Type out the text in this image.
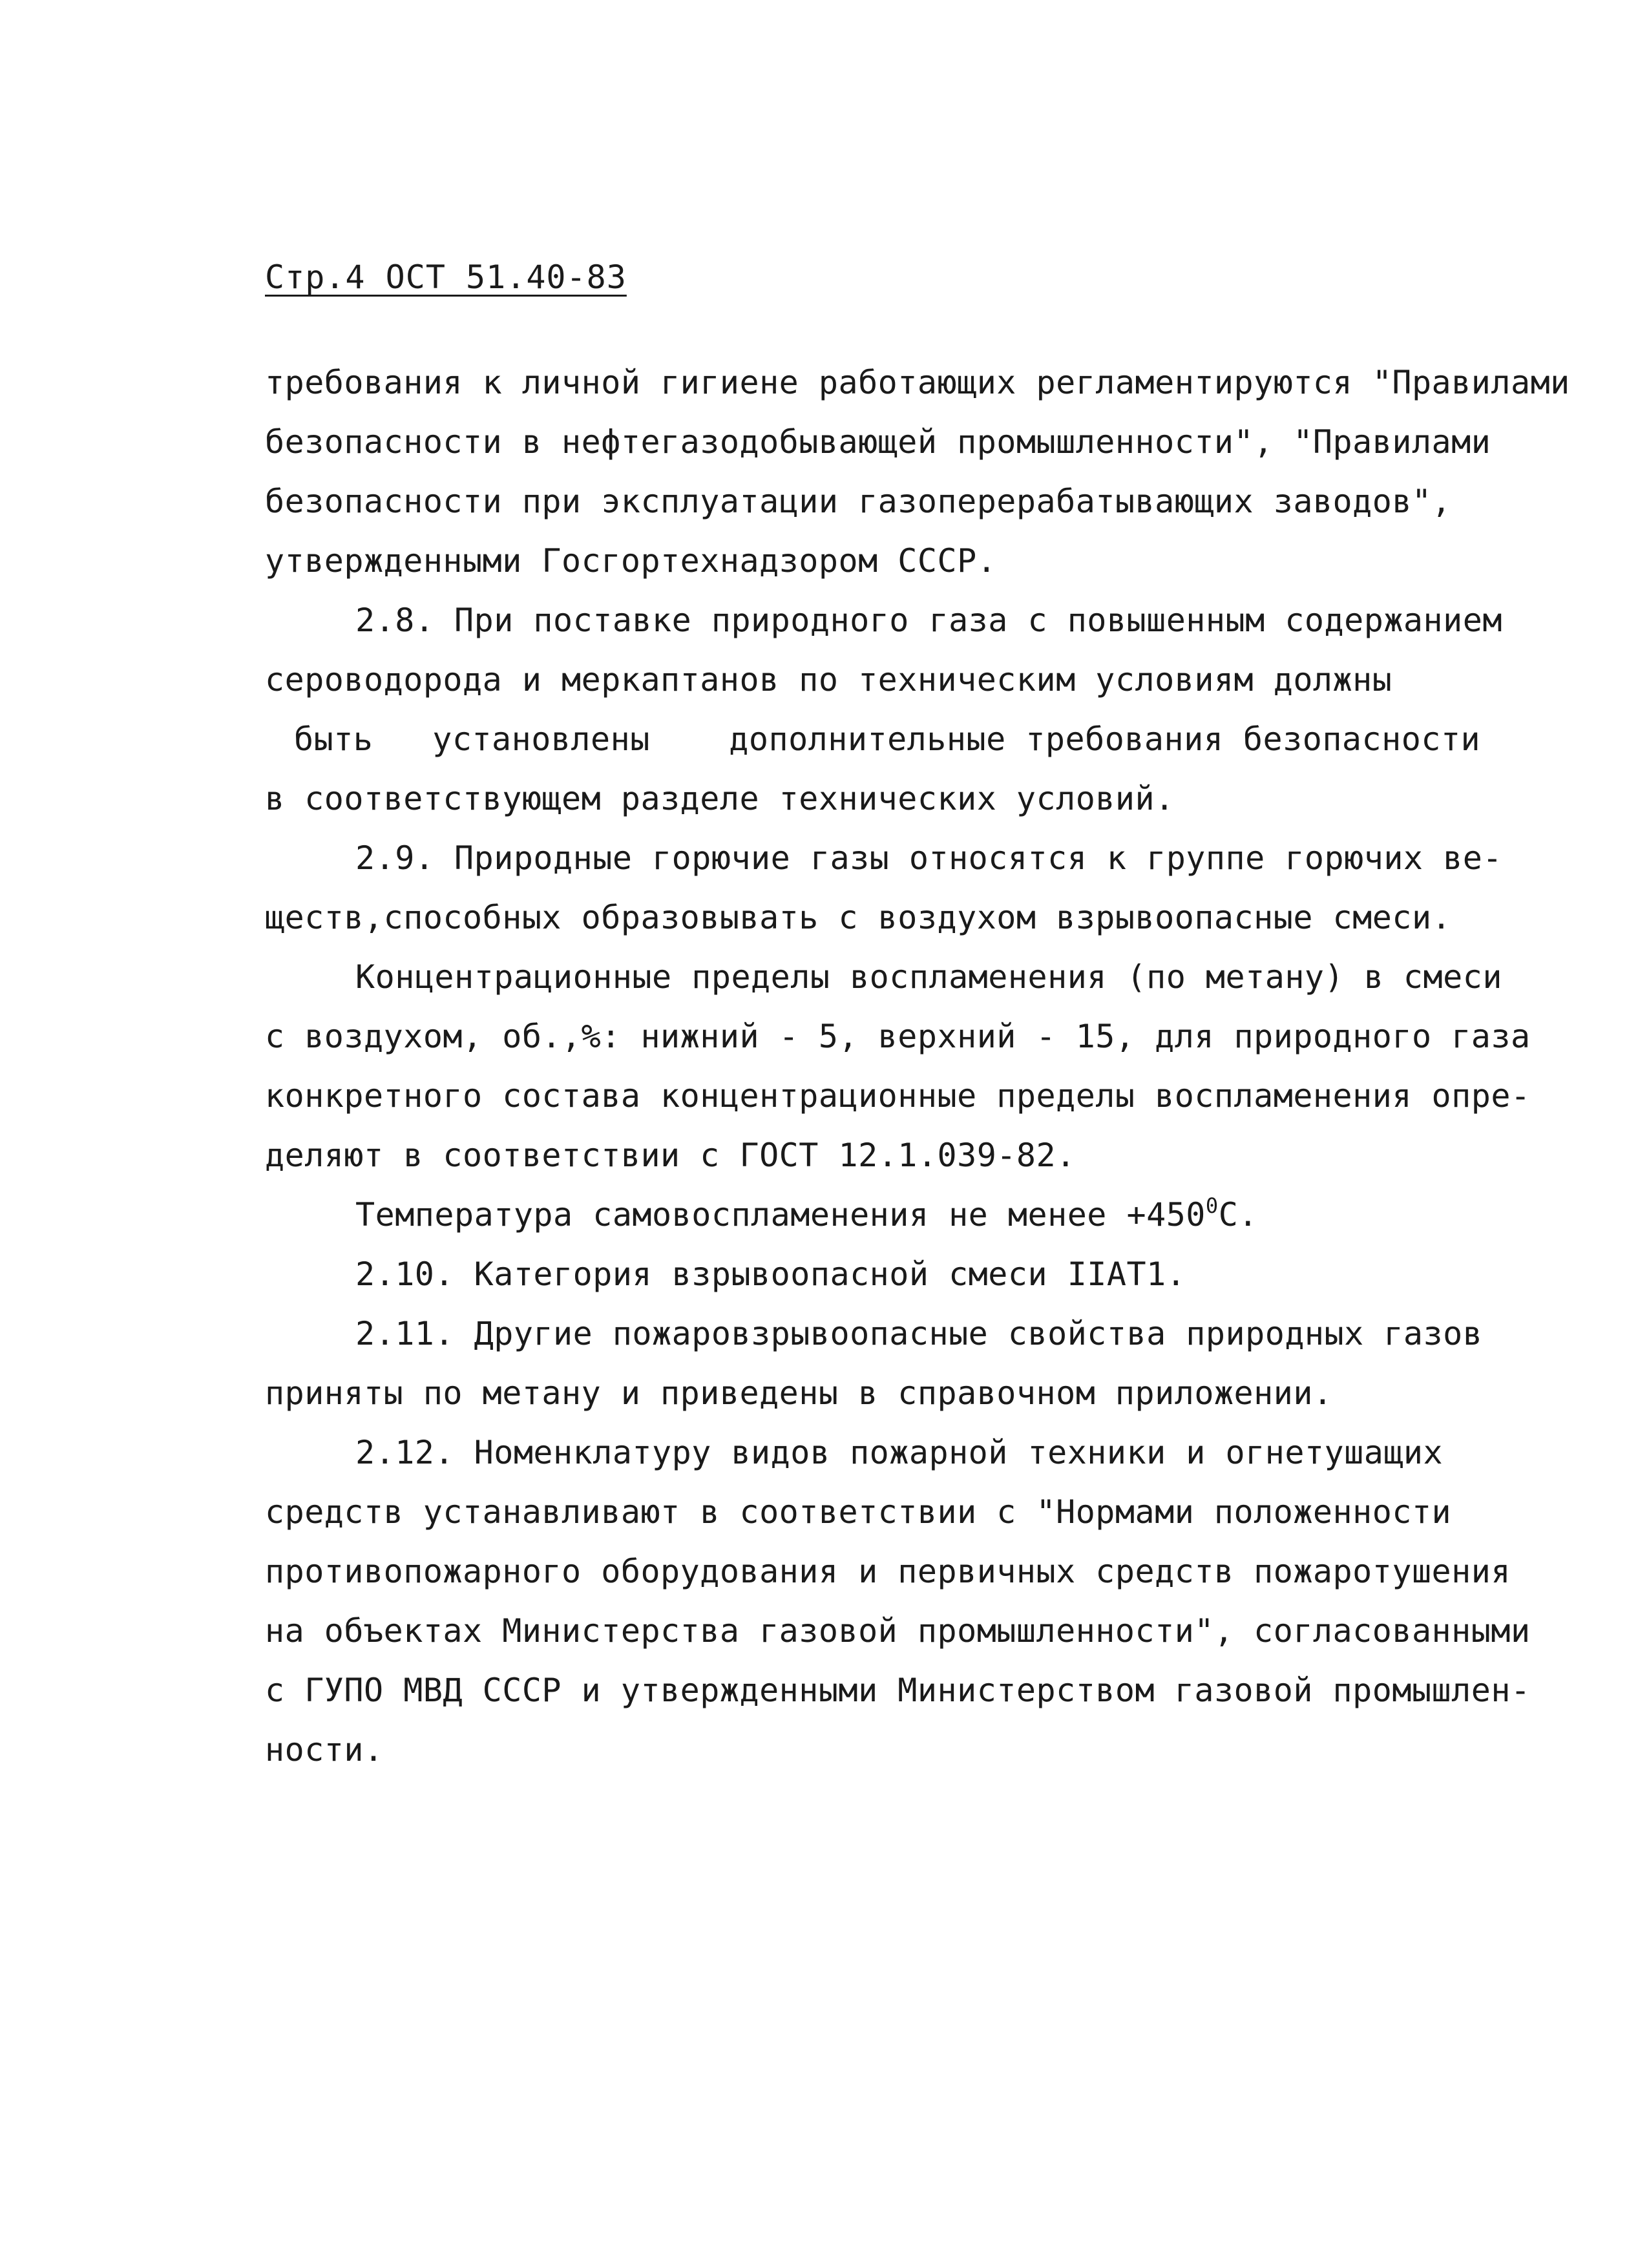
Стр.4 ОСТ 51.40-83
требования к личной гигиене работающих регламентируются "Правилами
безопасности в нефтегазодобывающей промышленности", "Правилами
безопасности при эксплуатации газоперерабатывающих заводов",
утвержденными Госгортехнадзором СССР.
2.8. При поставке природного газа с повышенным содержанием
сероводорода и меркаптанов по техническим условиям должны
быть   установлены    дополнительные требования безопасности
в соответствующем разделе технических условий.
2.9. Природные горючие газы относятся к группе горючих ве-
ществ,способных образовывать с воздухом взрывоопасные смеси.
Концентрационные пределы воспламенения (по метану) в смеси
с воздухом, об.,%: нижний - 5, верхний - 15, для природного газа
конкретного состава концентрационные пределы воспламенения опре-
деляют в соответствии с ГОСТ 12.1.039-82.
Температура самовоспламенения не менее $+450^0С$.
2.10. Категория взрывоопасной смеси IIАТ1.
2.11. Другие пожаровзрывоопасные свойства природных газов
приняты по метану и приведены в справочном приложении.
2.12. Номенклатуру видов пожарной техники и огнетушащих
средств устанавливают в соответствии с "Нормами положенности
противопожарного оборудования и первичных средств пожаротушения
на объектах Министерства газовой промышленности", согласованными
с ГУПО МВД СССР и утвержденными Министерством газовой промышлен-
ности.
